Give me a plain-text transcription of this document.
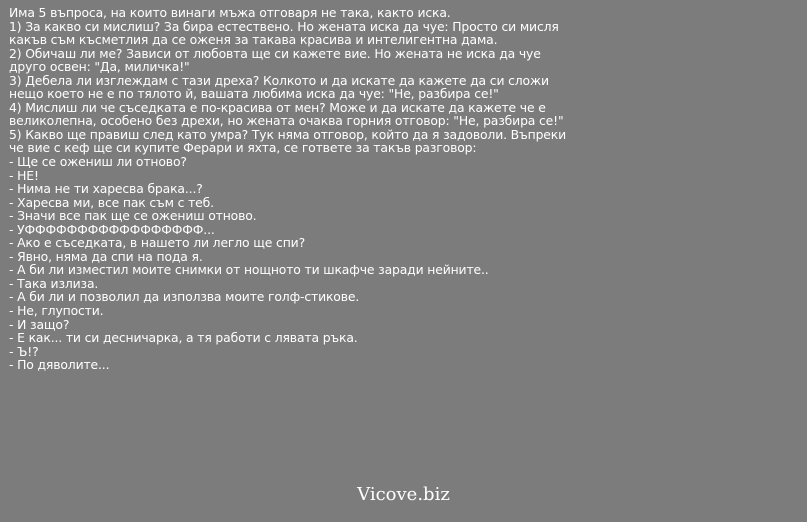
Има 5 въпроса, на които винаги мъжа отговаря не така, както иска.
1) За какво си мислиш? За бира естествено. Но жената иска да чуе: Просто си мисля
какъв съм късметлия да се оженя за такава красива и интелигентна дама.
2) Обичаш ли ме? Зависи от любовта ще си кажете вие. Но жената не иска да чуе
друго освен: "Да, миличка!"
3) Дебела ли изглеждам с тази дреха? Колкото и да искате да кажете да си сложи
нещо което не е по тялото й, вашата любима иска да чуе: "Не, разбира се!"
4) Мислиш ли че съседката е по-красива от мен? Може и да искате да кажете че е
великолепна, особено без дрехи, но жената очаква горния отговор: "Не, разбира се!"
5) Какво ще правиш след като умра? Тук няма отговор, който да я задоволи. Въпреки
че вие с кеф ще си купите Ферари и яхта, се гответе за такъв разговор:
- Ще се ожениш ли отново?
- НЕ!
- Нима не ти харесва брака...?
- Харесва ми, все пак съм с теб.
- Значи все пак ще се ожениш отново.
- УФФФФФФФФФФФФФФФФФ...
- Ако е съседката, в нашето ли легло ще спи?
- Явно, няма да спи на пода я.
- А би ли изместил моите снимки от нощното ти шкафче заради нейните..
- Така излиза.
- А би ли и позволил да използва моите голф-стикове.
- Не, глупости.
- И защо?
- Е как... ти си десничарка, а тя работи с лявата ръка.
- Ъ!?
- По дяволите...
Vicove.biz
